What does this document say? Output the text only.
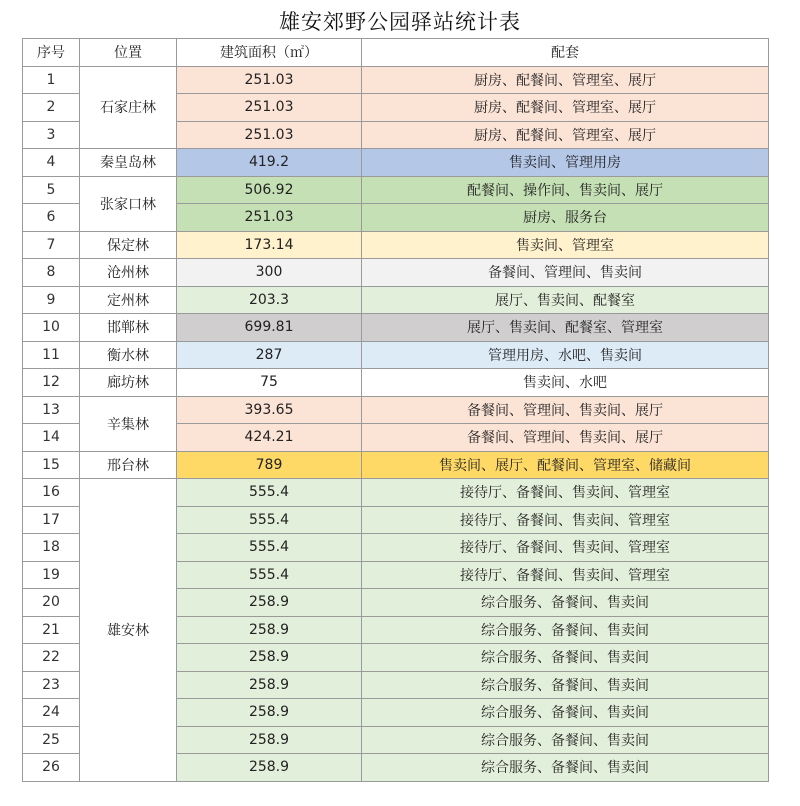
雄安郊野公园驿站统计表
序号	位置	建筑面积（㎡）	配套
1	石家庄林	251.03	厨房、配餐间、管理室、展厅
2		251.03	厨房、配餐间、管理室、展厅
3		251.03	厨房、配餐间、管理室、展厅
4	秦皇岛林	419.2	售卖间、管理用房
5	张家口林	506.92	配餐间、操作间、售卖间、展厅
6		251.03	厨房、服务台
7	保定林	173.14	售卖间、管理室
8	沧州林	300	备餐间、管理间、售卖间
9	定州林	203.3	展厅、售卖间、配餐室
10	邯郸林	699.81	展厅、售卖间、配餐室、管理室
11	衡水林	287	管理用房、水吧、售卖间
12	廊坊林	75	售卖间、水吧
13	辛集林	393.65	备餐间、管理间、售卖间、展厅
14		424.21	备餐间、管理间、售卖间、展厅
15	邢台林	789	售卖间、展厅、配餐间、管理室、储藏间
16	雄安林	555.4	接待厅、备餐间、售卖间、管理室
17		555.4	接待厅、备餐间、售卖间、管理室
18		555.4	接待厅、备餐间、售卖间、管理室
19		555.4	接待厅、备餐间、售卖间、管理室
20		258.9	综合服务、备餐间、售卖间
21		258.9	综合服务、备餐间、售卖间
22		258.9	综合服务、备餐间、售卖间
23		258.9	综合服务、备餐间、售卖间
24		258.9	综合服务、备餐间、售卖间
25		258.9	综合服务、备餐间、售卖间
26		258.9	综合服务、备餐间、售卖间
